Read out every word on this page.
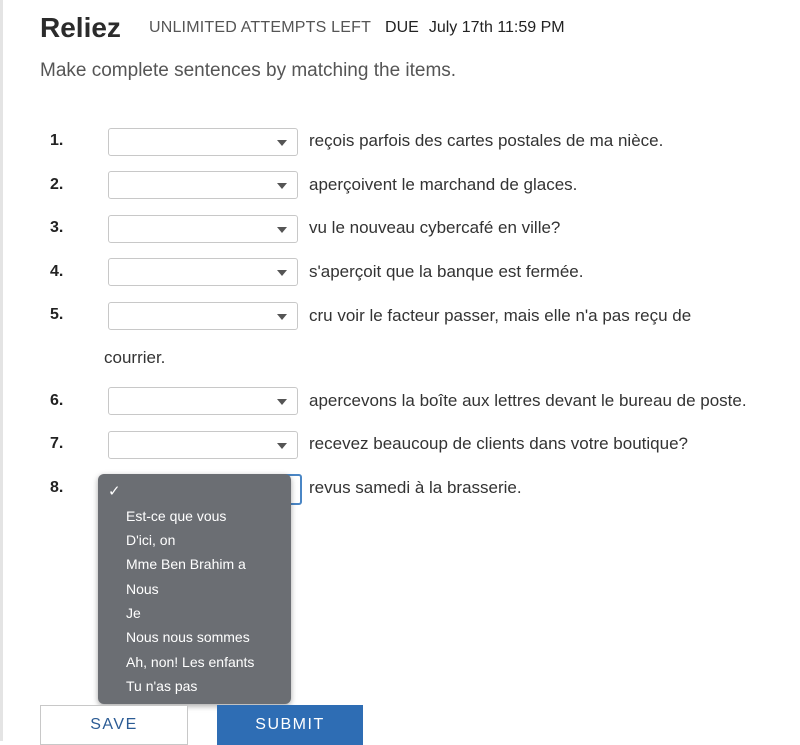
Reliez UNLIMITED ATTEMPTS LEFT DUE July 17th 11:59 PM
Make complete sentences by matching the items.
1.	reçois parfois des cartes postales de ma nièce.
2.	aperçoivent le marchand de glaces.
3.	vu le nouveau cybercafé en ville?
4.	s'aperçoit que la banque est fermée.
5.	cru voir le facteur passer, mais elle n'a pas reçu de
courrier.
6.	apercevons la boîte aux lettres devant le bureau de poste.
7.	recevez beaucoup de clients dans votre boutique?
8.	revus samedi à la brasserie.
✓
Est-ce que vous
D'ici, on
Mme Ben Brahim a
Nous
Je
Nous nous sommes
Ah, non! Les enfants
Tu n'as pas
SAVE	SUBMIT
